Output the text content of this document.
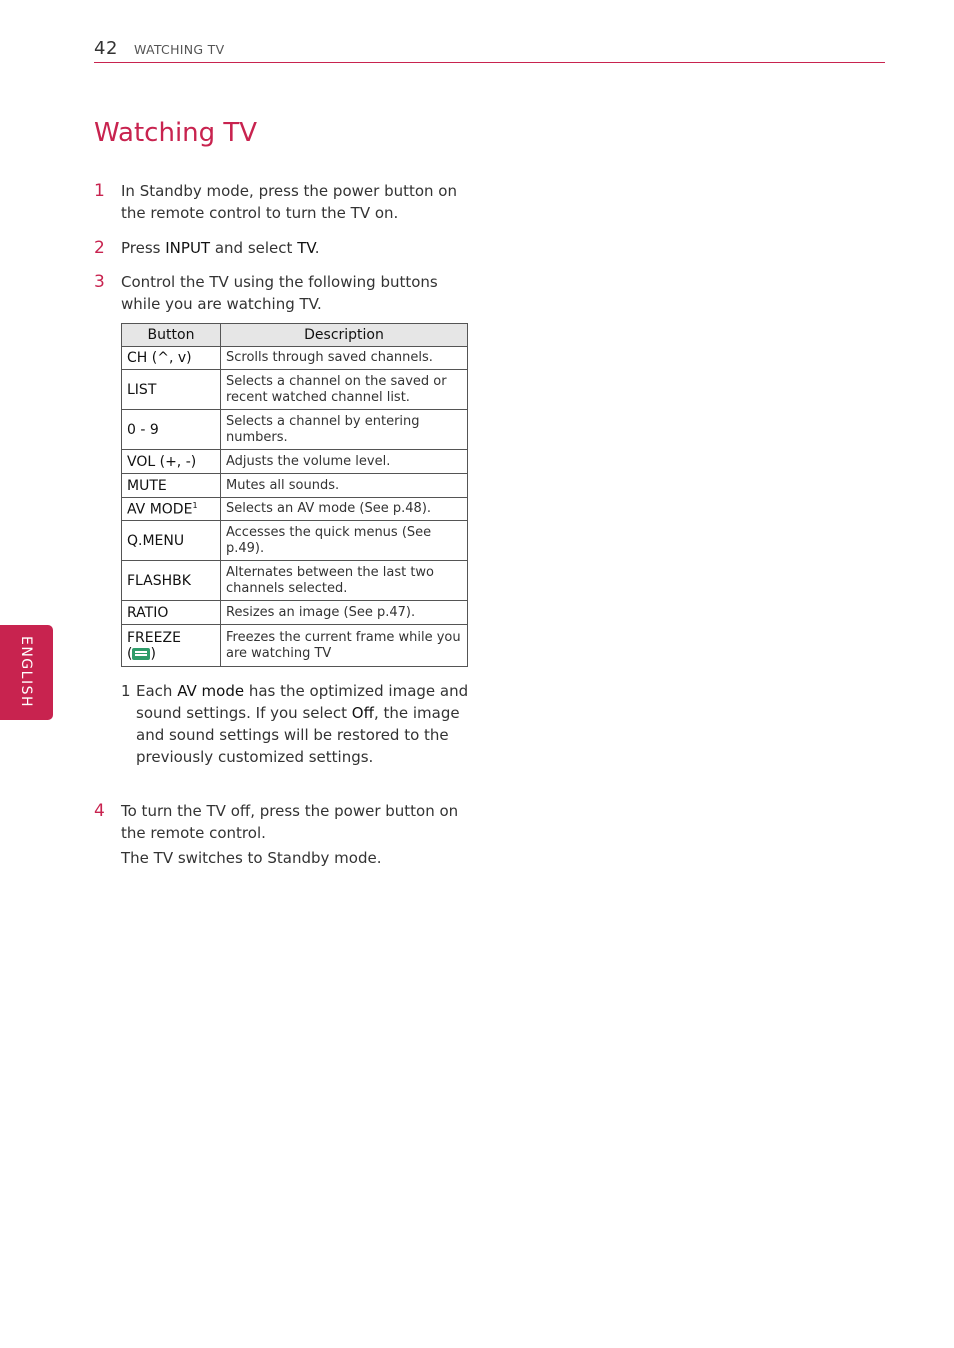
42 WATCHING TV
Watching TV
1 In Standby mode, press the power button on the remote control to turn the TV on.
2 Press INPUT and select TV.
3 Control the TV using the following buttons while you are watching TV.
Button	Description
CH (^, v)	Scrolls through saved channels.
LIST	Selects a channel on the saved or recent watched channel list.
0 - 9	Selects a channel by entering numbers.
VOL (+, -)	Adjusts the volume level.
MUTE	Mutes all sounds.
AV MODE$^1$	Selects an AV mode (See p.48).
Q.MENU	Accesses the quick menus (See p.49).
FLASHBK	Alternates between the last two channels selected.
RATIO	Resizes an image (See p.47).

FREEZE
( )	Freezes the current frame while you are watching TV
1 Each AV mode has the optimized image and sound settings. If you select Off, the image and sound settings will be restored to the previously customized settings.
4 To turn the TV off, press the power button on the remote control.
The TV switches to Standby mode.
ENGLISH
